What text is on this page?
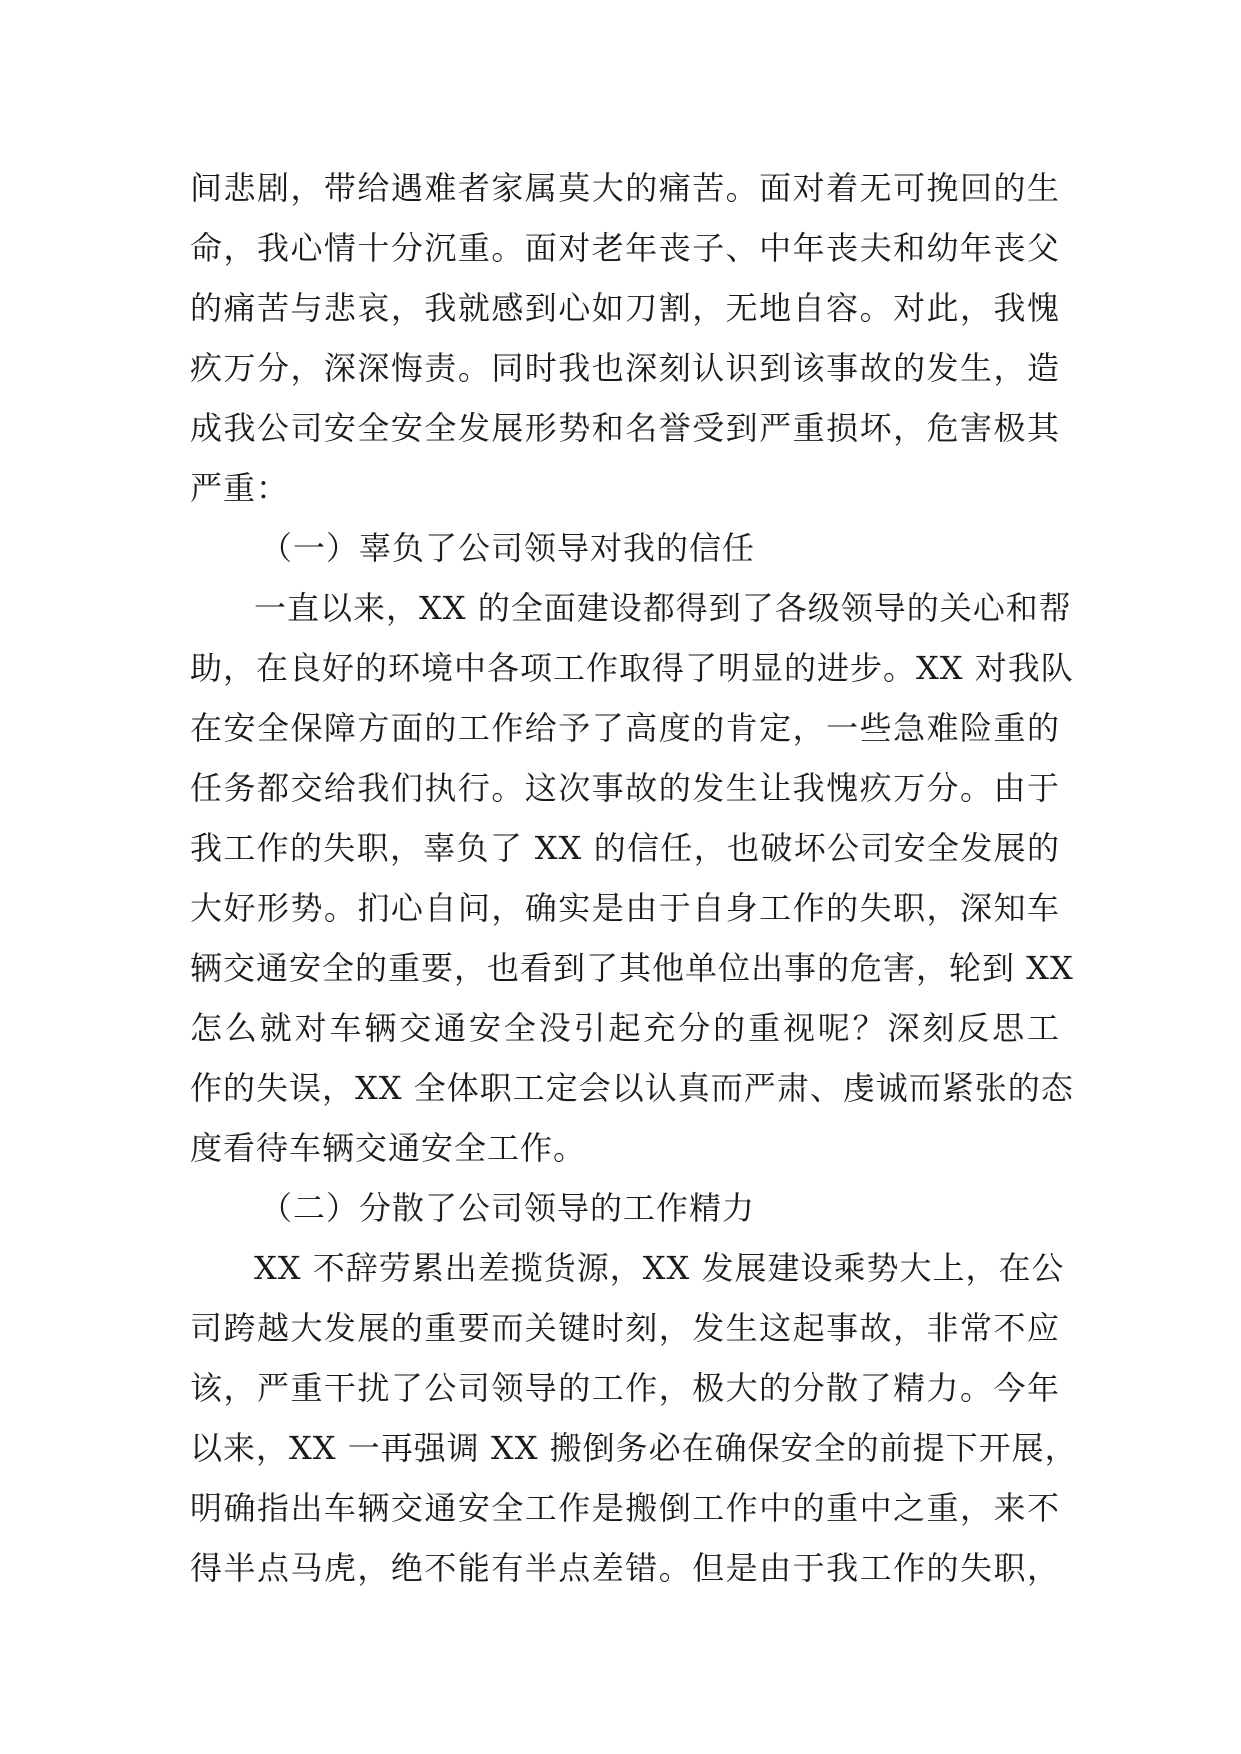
间悲剧，带给遇难者家属莫大的痛苦。面对着无可挽回的生
命，我心情十分沉重。面对老年丧子、中年丧夫和幼年丧父
的痛苦与悲哀，我就感到心如刀割，无地自容。对此，我愧
疚万分，深深悔责。同时我也深刻认识到该事故的发生，造
成我公司安全安全发展形势和名誉受到严重损坏，危害极其
严重：
（一）辜负了公司领导对我的信任
一直以来，XX 的全面建设都得到了各级领导的关心和帮
助，在良好的环境中各项工作取得了明显的进步。XX 对我队
在安全保障方面的工作给予了高度的肯定，一些急难险重的
任务都交给我们执行。这次事故的发生让我愧疚万分。由于
我工作的失职，辜负了 XX 的信任，也破坏公司安全发展的
大好形势。扪心自问，确实是由于自身工作的失职，深知车
辆交通安全的重要，也看到了其他单位出事的危害，轮到 XX
怎么就对车辆交通安全没引起充分的重视呢？深刻反思工
作的失误，XX 全体职工定会以认真而严肃、虔诚而紧张的态
度看待车辆交通安全工作。
（二）分散了公司领导的工作精力
XX 不辞劳累出差揽货源，XX 发展建设乘势大上，在公
司跨越大发展的重要而关键时刻，发生这起事故，非常不应
该，严重干扰了公司领导的工作，极大的分散了精力。今年
以来，XX 一再强调 XX 搬倒务必在确保安全的前提下开展，
明确指出车辆交通安全工作是搬倒工作中的重中之重，来不
得半点马虎，绝不能有半点差错。但是由于我工作的失职，
